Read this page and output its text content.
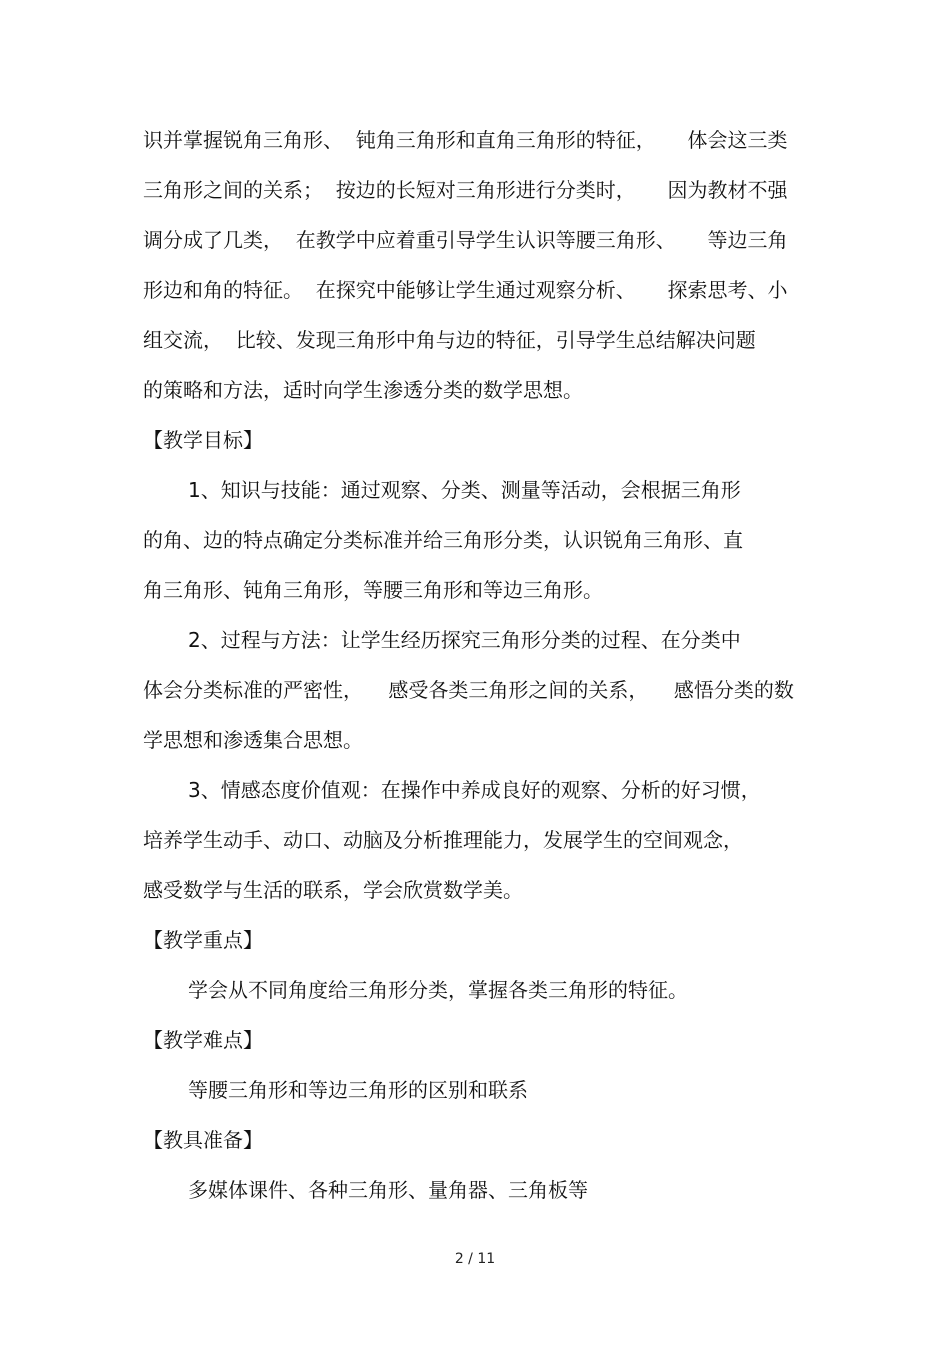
识并掌握锐角三角形、  钝角三角形和直角三角形的特征，     体会这三类

三角形之间的关系；  按边的长短对三角形进行分类时，     因为教材不强

调分成了几类，  在教学中应着重引导学生认识等腰三角形、     等边三角

形边和角的特征。  在探究中能够让学生通过观察分析、     探索思考、小

组交流，  比较、发现三角形中角与边的特征，引导学生总结解决问题

的策略和方法，适时向学生渗透分类的数学思想。

【教学目标】

1、知识与技能：通过观察、分类、测量等活动，会根据三角形

的角、边的特点确定分类标准并给三角形分类，认识锐角三角形、直

角三角形、钝角三角形，等腰三角形和等边三角形。

2、过程与方法：让学生经历探究三角形分类的过程、在分类中

体会分类标准的严密性，    感受各类三角形之间的关系，    感悟分类的数

学思想和渗透集合思想。

3、情感态度价值观：在操作中养成良好的观察、分析的好习惯，

培养学生动手、动口、动脑及分析推理能力，发展学生的空间观念，

感受数学与生活的联系，学会欣赏数学美。

【教学重点】

学会从不同角度给三角形分类，掌握各类三角形的特征。

【教学难点】

等腰三角形和等边三角形的区别和联系

【教具准备】

多媒体课件、各种三角形、量角器、三角板等

2 / 11
